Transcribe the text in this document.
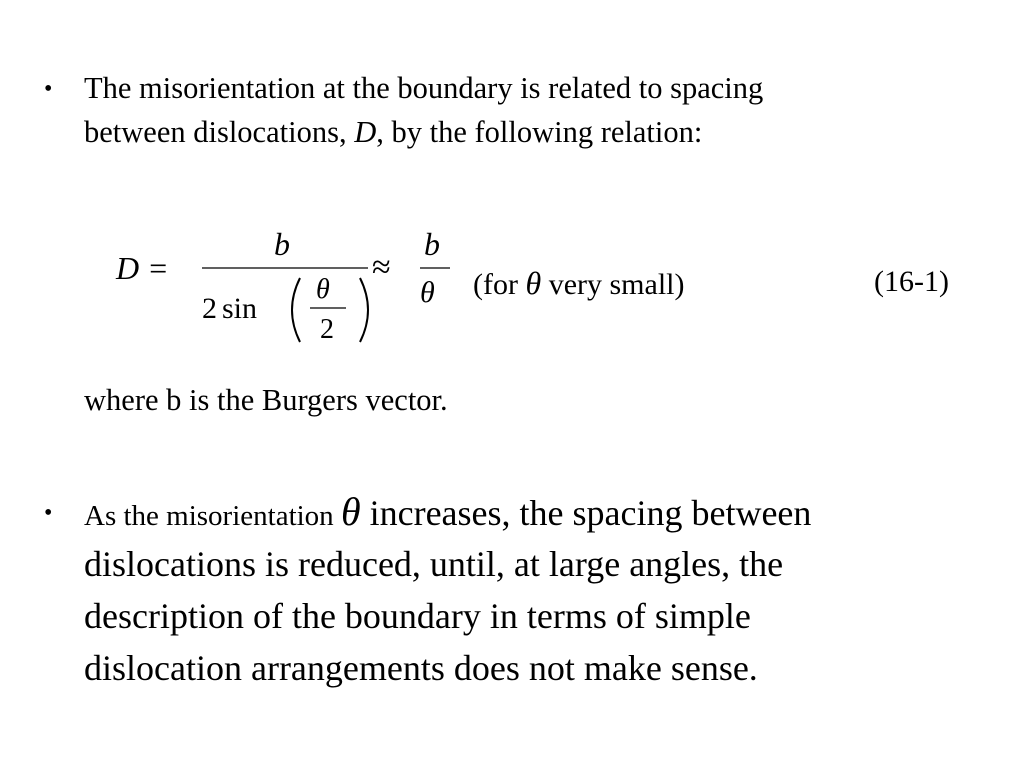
• The misorientation at the boundary is related to spacing
between dislocations, D, by the following relation:
D =
b
2 sin
θ
2
≈
b
θ (for θ very small)	(16-1)
where b is the Burgers vector.
• As the misorientation θ increases, the spacing between
dislocations is reduced, until, at large angles, the
description of the boundary in terms of simple
dislocation arrangements does not make sense.
